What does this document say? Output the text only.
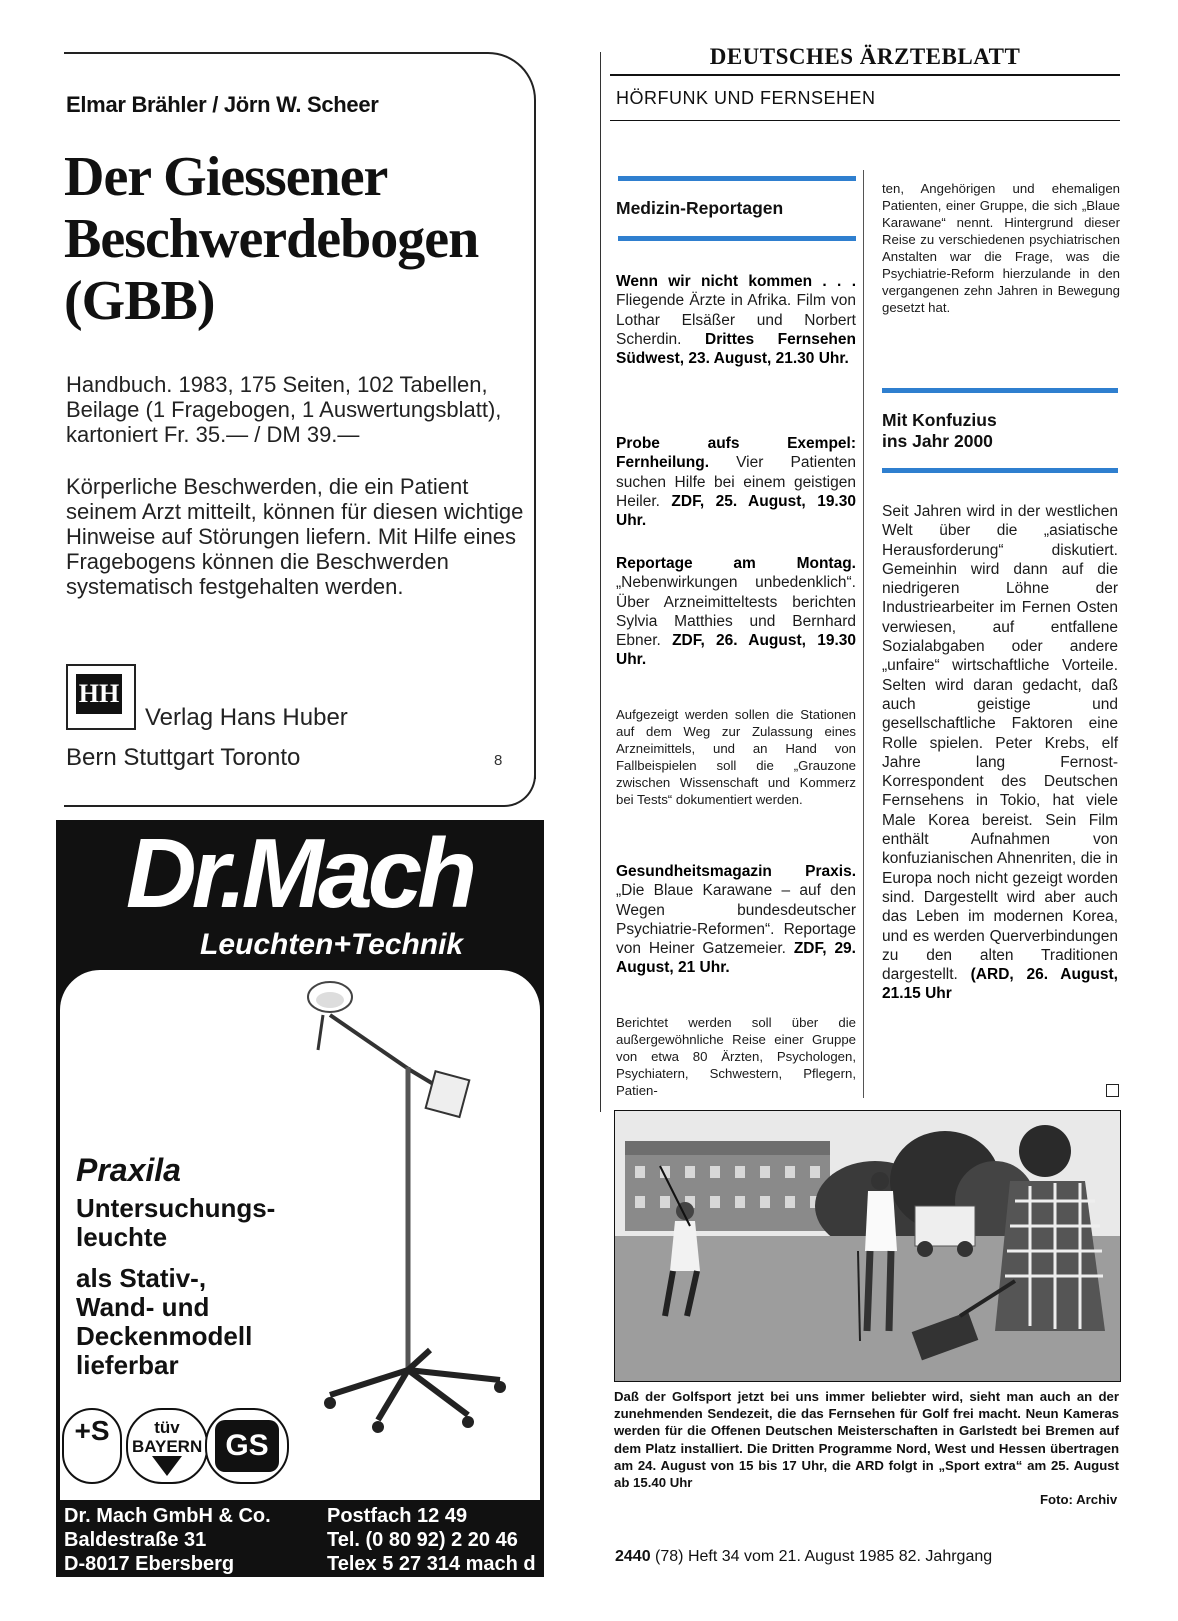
Elmar Brähler / Jörn W. Scheer
Der Giessener
Beschwerdebogen
(GBB)
Handbuch. 1983, 175 Seiten, 102 Tabellen, Beilage (1 Fragebogen, 1 Auswertungsblatt), kartoniert Fr. 35.— / DM 39.—
Körperliche Beschwerden, die ein Patient seinem Arzt mitteilt, können für diesen wichtige Hinweise auf Störungen liefern. Mit Hilfe eines Fragebogens können die Beschwerden systematisch festgehalten werden.
HH
Verlag Hans Huber
Bern Stuttgart Toronto	8
Dr.Mach
Leuchten+Technik
Praxila
Untersuchungs-
leuchte
als Stativ-,
Wand- und
Deckenmodell
lieferbar
+S	tüv BAYERN GS
Dr. Mach GmbH & Co.
Baldestraße 31
D-8017 Ebersberg
Postfach 12 49
Tel. (0 80 92) 2 20 46
Telex 5 27 314 mach d
DEUTSCHES ÄRZTEBLATT
HÖRFUNK UND FERNSEHEN
Medizin-Reportagen
Wenn wir nicht kommen . . . Fliegende Ärzte in Afrika. Film von Lothar Elsäßer und Norbert Scherdin. Drittes Fernsehen Südwest, 23. August, 21.30 Uhr.
Probe aufs Exempel: Fernheilung. Vier Patienten suchen Hilfe bei einem geistigen Heiler. ZDF, 25. August, 19.30 Uhr.
Reportage am Montag. „Nebenwirkungen unbedenklich“. Über Arzneimitteltests berichten Sylvia Matthies und Bernhard Ebner. ZDF, 26. August, 19.30 Uhr.
Aufgezeigt werden sollen die Stationen auf dem Weg zur Zulassung eines Arzneimittels, und an Hand von Fallbeispielen soll die „Grauzone zwischen Wissenschaft und Kommerz bei Tests“ dokumentiert werden.
Gesundheitsmagazin Praxis. „Die Blaue Karawane – auf den Wegen bundesdeutscher Psychiatrie-Reformen“. Reportage von Heiner Gatzemeier. ZDF, 29. August, 21 Uhr.
Berichtet werden soll über die außergewöhnliche Reise einer Gruppe von etwa 80 Ärzten, Psychologen, Psychiatern, Schwestern, Pflegern, Patien-
ten, Angehörigen und ehemaligen Patienten, einer Gruppe, die sich „Blaue Karawane“ nennt. Hintergrund dieser Reise zu verschiedenen psychiatrischen Anstalten war die Frage, was die Psychiatrie-Reform hierzulande in den vergangenen zehn Jahren in Bewegung gesetzt hat.
Mit Konfuzius
ins Jahr 2000
Seit Jahren wird in der westlichen Welt über die „asiatische Herausforderung“ diskutiert. Gemeinhin wird dann auf die niedrigeren Löhne der Industriearbeiter im Fernen Osten verwiesen, auf entfallene Sozialabgaben oder andere „unfaire“ wirtschaftliche Vorteile. Selten wird daran gedacht, daß auch geistige und gesellschaftliche Faktoren eine Rolle spielen. Peter Krebs, elf Jahre lang Fernost-Korrespondent des Deutschen Fernsehens in Tokio, hat viele Male Korea bereist. Sein Film enthält Aufnahmen von konfuzianischen Ahnenriten, die in Europa noch nicht gezeigt worden sind. Dargestellt wird aber auch das Leben im modernen Korea, und es werden Querverbindungen zu den alten Traditionen dargestellt. (ARD, 26. August, 21.15 Uhr
Daß der Golfsport jetzt bei uns immer beliebter wird, sieht man auch an der zunehmenden Sendezeit, die das Fernsehen für Golf frei macht. Neun Kameras werden für die Offenen Deutschen Meisterschaften in Garlstedt bei Bremen auf dem Platz installiert. Die Dritten Programme Nord, West und Hessen übertragen am 24. August von 15 bis 17 Uhr, die ARD folgt in „Sport extra“ am 25. August ab 15.40 Uhr
Foto: Archiv
2440 (78) Heft 34 vom 21. August 1985 82. Jahrgang
